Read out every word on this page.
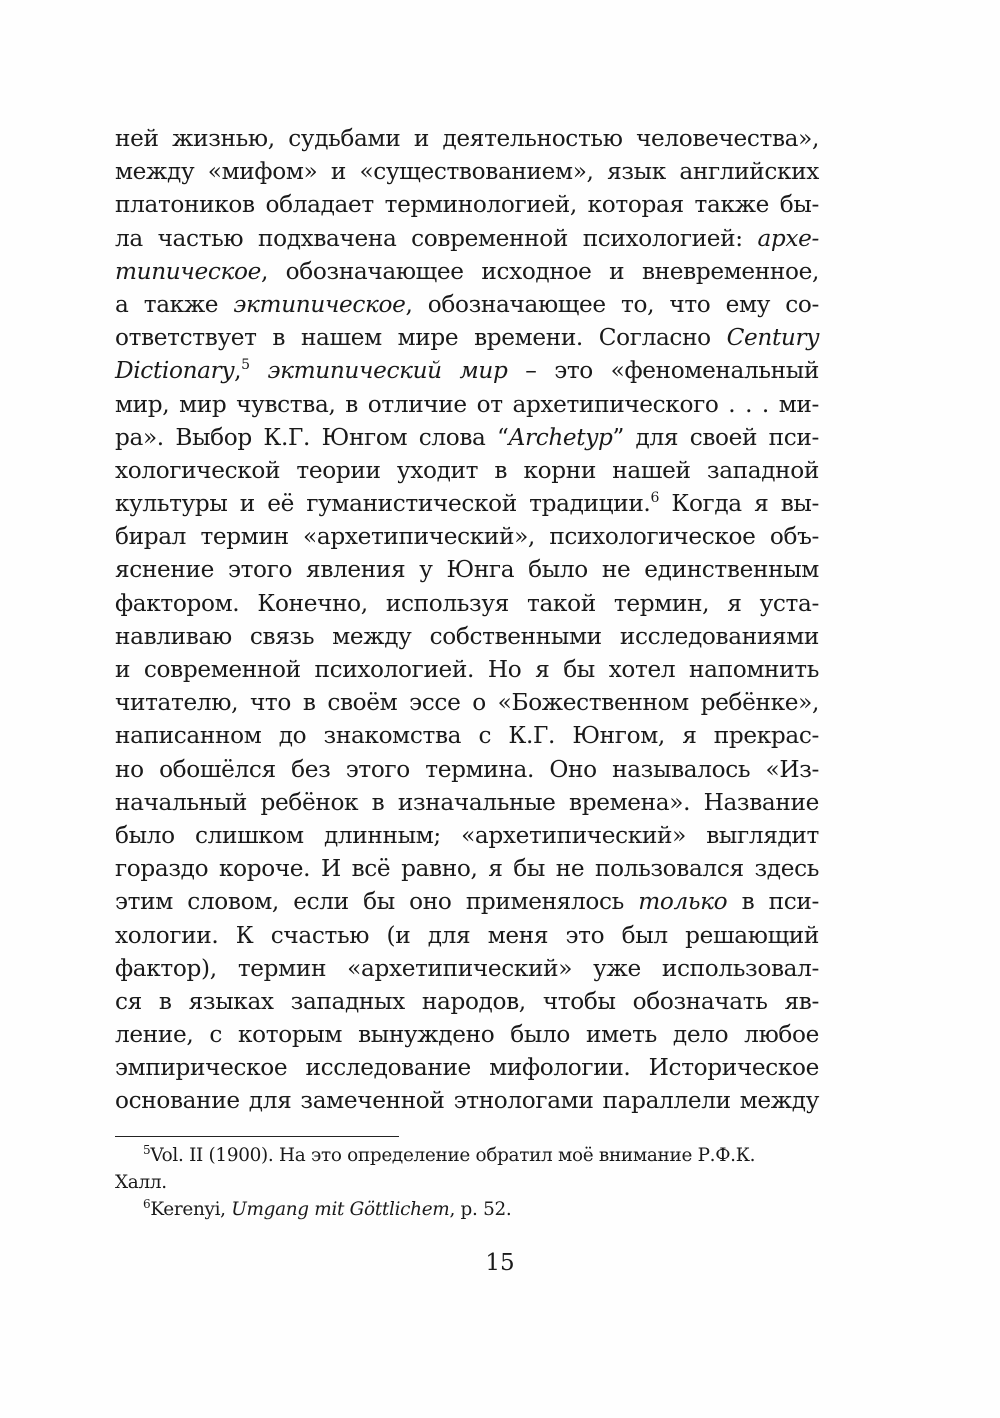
ней жизнью, судьбами и деятельностью человечества»,
между «мифом» и «существованием», язык английских
платоников обладает терминологией, которая также бы-
ла частью подхвачена современной психологией: архе-
типическое, обозначающее исходное и вневременное,
а также эктипическое, обозначающее то, что ему со-
ответствует в нашем мире времени. Согласно Century
Dictionary,$^5$ эктипический мир – это «феноменальный
мир, мир чувства, в отличие от архетипического . . . ми-
ра». Выбор К.Г. Юнгом слова “Archetyp” для своей пси-
хологической теории уходит в корни нашей западной
культуры и её гуманистической традиции.$^6$ Когда я вы-
бирал термин «архетипический», психологическое объ-
яснение этого явления у Юнга было не единственным
фактором. Конечно, используя такой термин, я уста-
навливаю связь между собственными исследованиями
и современной психологией. Но я бы хотел напомнить
читателю, что в своём эссе о «Божественном ребёнке»,
написанном до знакомства с К.Г. Юнгом, я прекрас-
но обошёлся без этого термина. Оно называлось «Из-
начальный ребёнок в изначальные времена». Название
было слишком длинным; «архетипический» выглядит
гораздо короче. И всё равно, я бы не пользовался здесь
этим словом, если бы оно применялось только в пси-
хологии. К счастью (и для меня это был решающий
фактор), термин «архетипический» уже использовал-
ся в языках западных народов, чтобы обозначать яв-
ление, с которым вынуждено было иметь дело любое
эмпирическое исследование мифологии. Историческое
основание для замеченной этнологами параллели между
$^5$Vol. II (1900). На это определение обратил моё внимание Р.Ф.К.
Халл.
$^6$Kerenyi, Umgang mit Göttlichem, p. 52.
15
